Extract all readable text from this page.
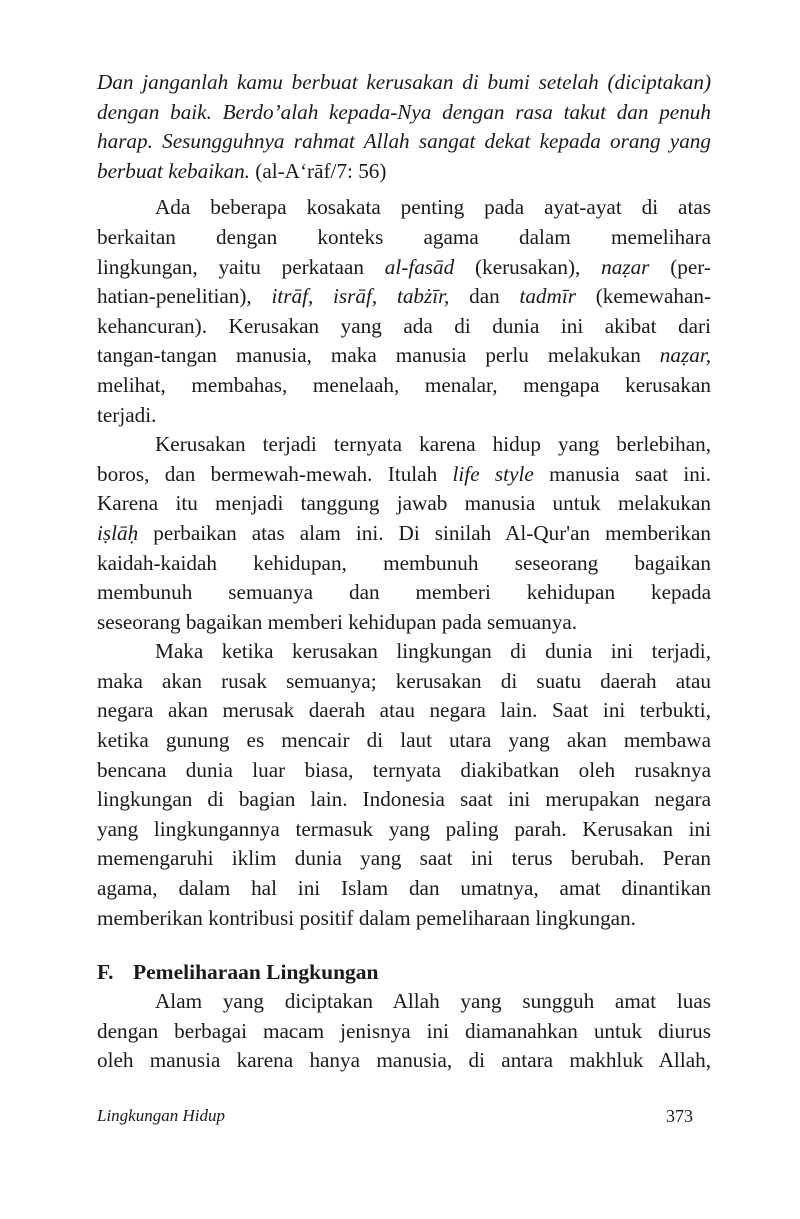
Dan janganlah kamu berbuat kerusakan di bumi setelah (diciptakan)
dengan baik. Berdo’alah kepada-Nya dengan rasa takut dan penuh
harap. Sesungguhnya rahmat Allah sangat dekat kepada orang yang
berbuat kebaikan. (al-A‘rāf/7: 56)
Ada beberapa kosakata penting pada ayat-ayat di atas
berkaitan dengan konteks agama dalam memelihara
lingkungan, yaitu perkataan al-fasād (kerusakan), naẓar (per-
hatian-penelitian), itrāf, isrāf, tabżīr, dan tadmīr (kemewahan-
kehancuran). Kerusakan yang ada di dunia ini akibat dari
tangan-tangan manusia, maka manusia perlu melakukan naẓar,
melihat, membahas, menelaah, menalar, mengapa kerusakan
terjadi.
Kerusakan terjadi ternyata karena hidup yang berlebihan,
boros, dan bermewah-mewah. Itulah life style manusia saat ini.
Karena itu menjadi tanggung jawab manusia untuk melakukan
iṣlāḥ perbaikan atas alam ini. Di sinilah Al-Qur'an memberikan
kaidah-kaidah kehidupan, membunuh seseorang bagaikan
membunuh semuanya dan memberi kehidupan kepada
seseorang bagaikan memberi kehidupan pada semuanya.
Maka ketika kerusakan lingkungan di dunia ini terjadi,
maka akan rusak semuanya; kerusakan di suatu daerah atau
negara akan merusak daerah atau negara lain. Saat ini terbukti,
ketika gunung es mencair di laut utara yang akan membawa
bencana dunia luar biasa, ternyata diakibatkan oleh rusaknya
lingkungan di bagian lain. Indonesia saat ini merupakan negara
yang lingkungannya termasuk yang paling parah. Kerusakan ini
memengaruhi iklim dunia yang saat ini terus berubah. Peran
agama, dalam hal ini Islam dan umatnya, amat dinantikan
memberikan kontribusi positif dalam pemeliharaan lingkungan.
F. Pemeliharaan Lingkungan
Alam yang diciptakan Allah yang sungguh amat luas
dengan berbagai macam jenisnya ini diamanahkan untuk diurus
oleh manusia karena hanya manusia, di antara makhluk Allah,
Lingkungan Hidup	373
